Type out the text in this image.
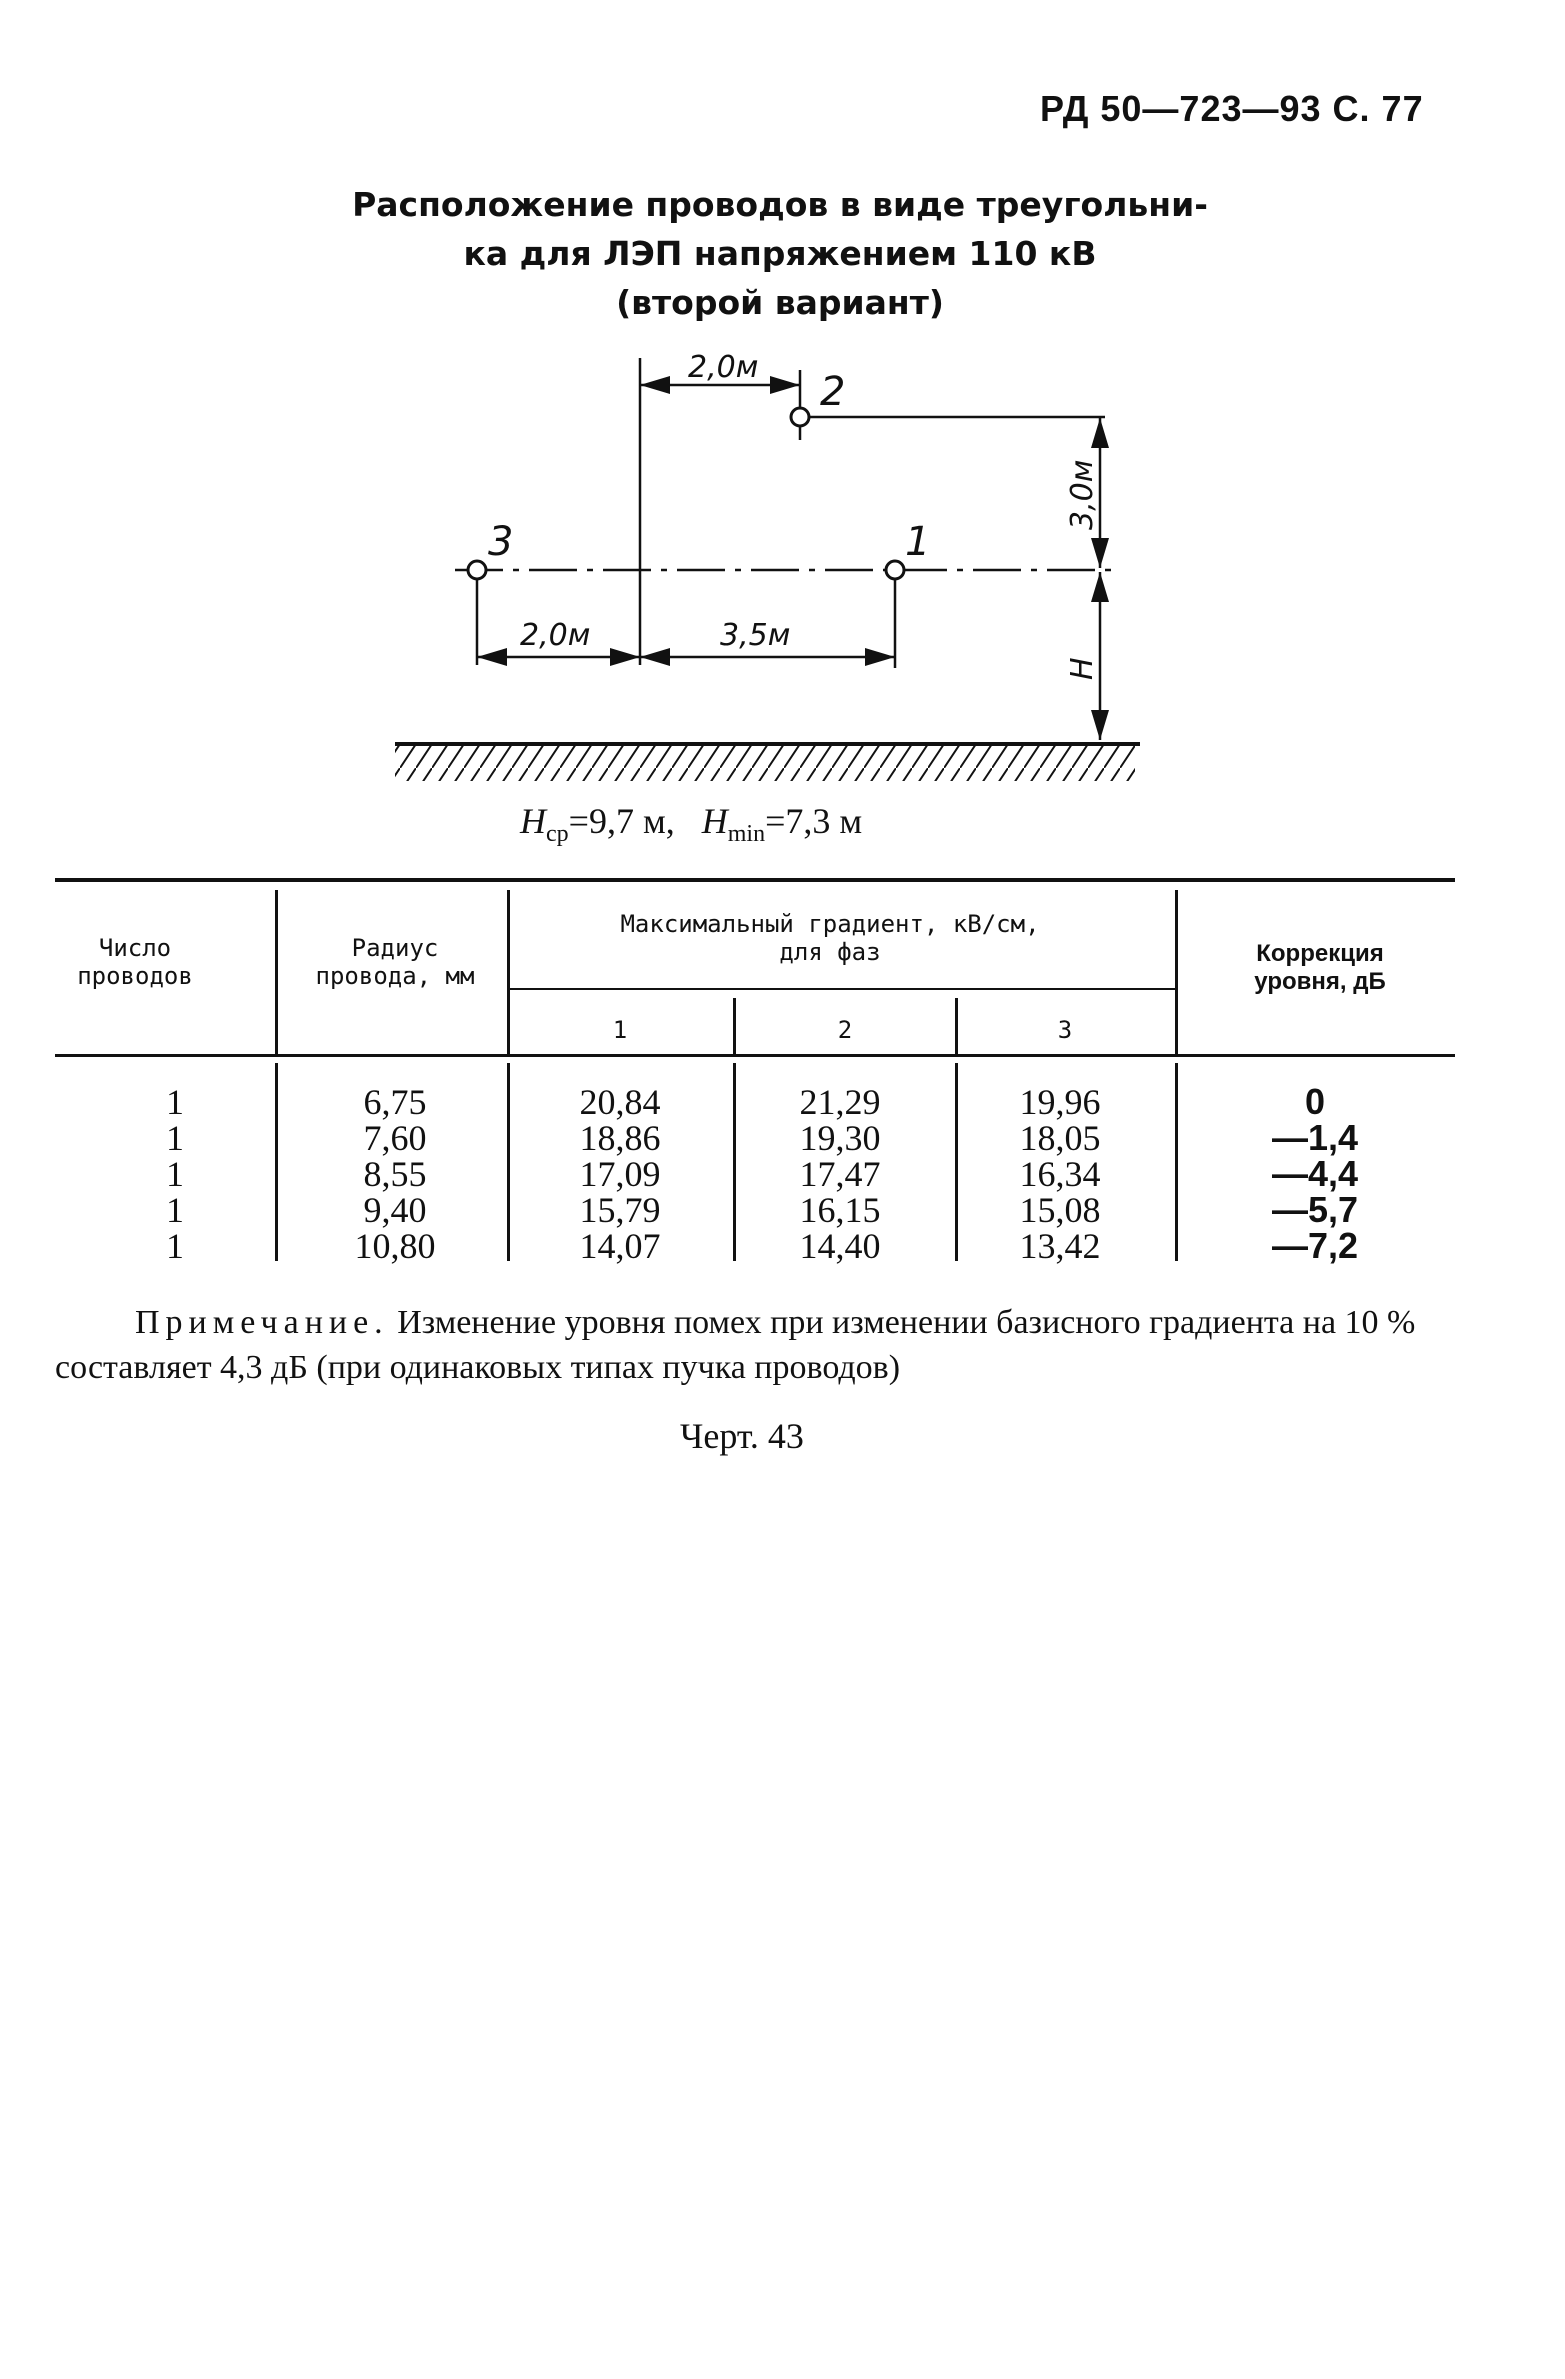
РД 50—723—93 С. 77
Расположение проводов в виде треугольни-
ка для ЛЭП напряжением 110 кВ
(второй вариант)
2,0м
2
3,0м
3	1
2,0м	3,5м
H
$H_{ср}=9,7$ м, $H_{min}=7,3$ м
Число проводов
Радиус провода, мм
Максимальный градиент, кВ/см, для фаз
1	2	3
Коррекция уровня, дБ
1	6,75	20,84	21,29	19,96	0
1	7,60	18,86	19,30	18,05	—1,4
1	8,55	17,09	17,47	16,34	—4,4
1	9,40	15,79	16,15	15,08	—5,7
1	10,80	14,07	14,40	13,42	—7,2

Примечание. Изменение уровня помех при изменении базисного градиента на 10 % составляет 4,3 дБ (при одинаковых типах пучка проводов)

Черт. 43
